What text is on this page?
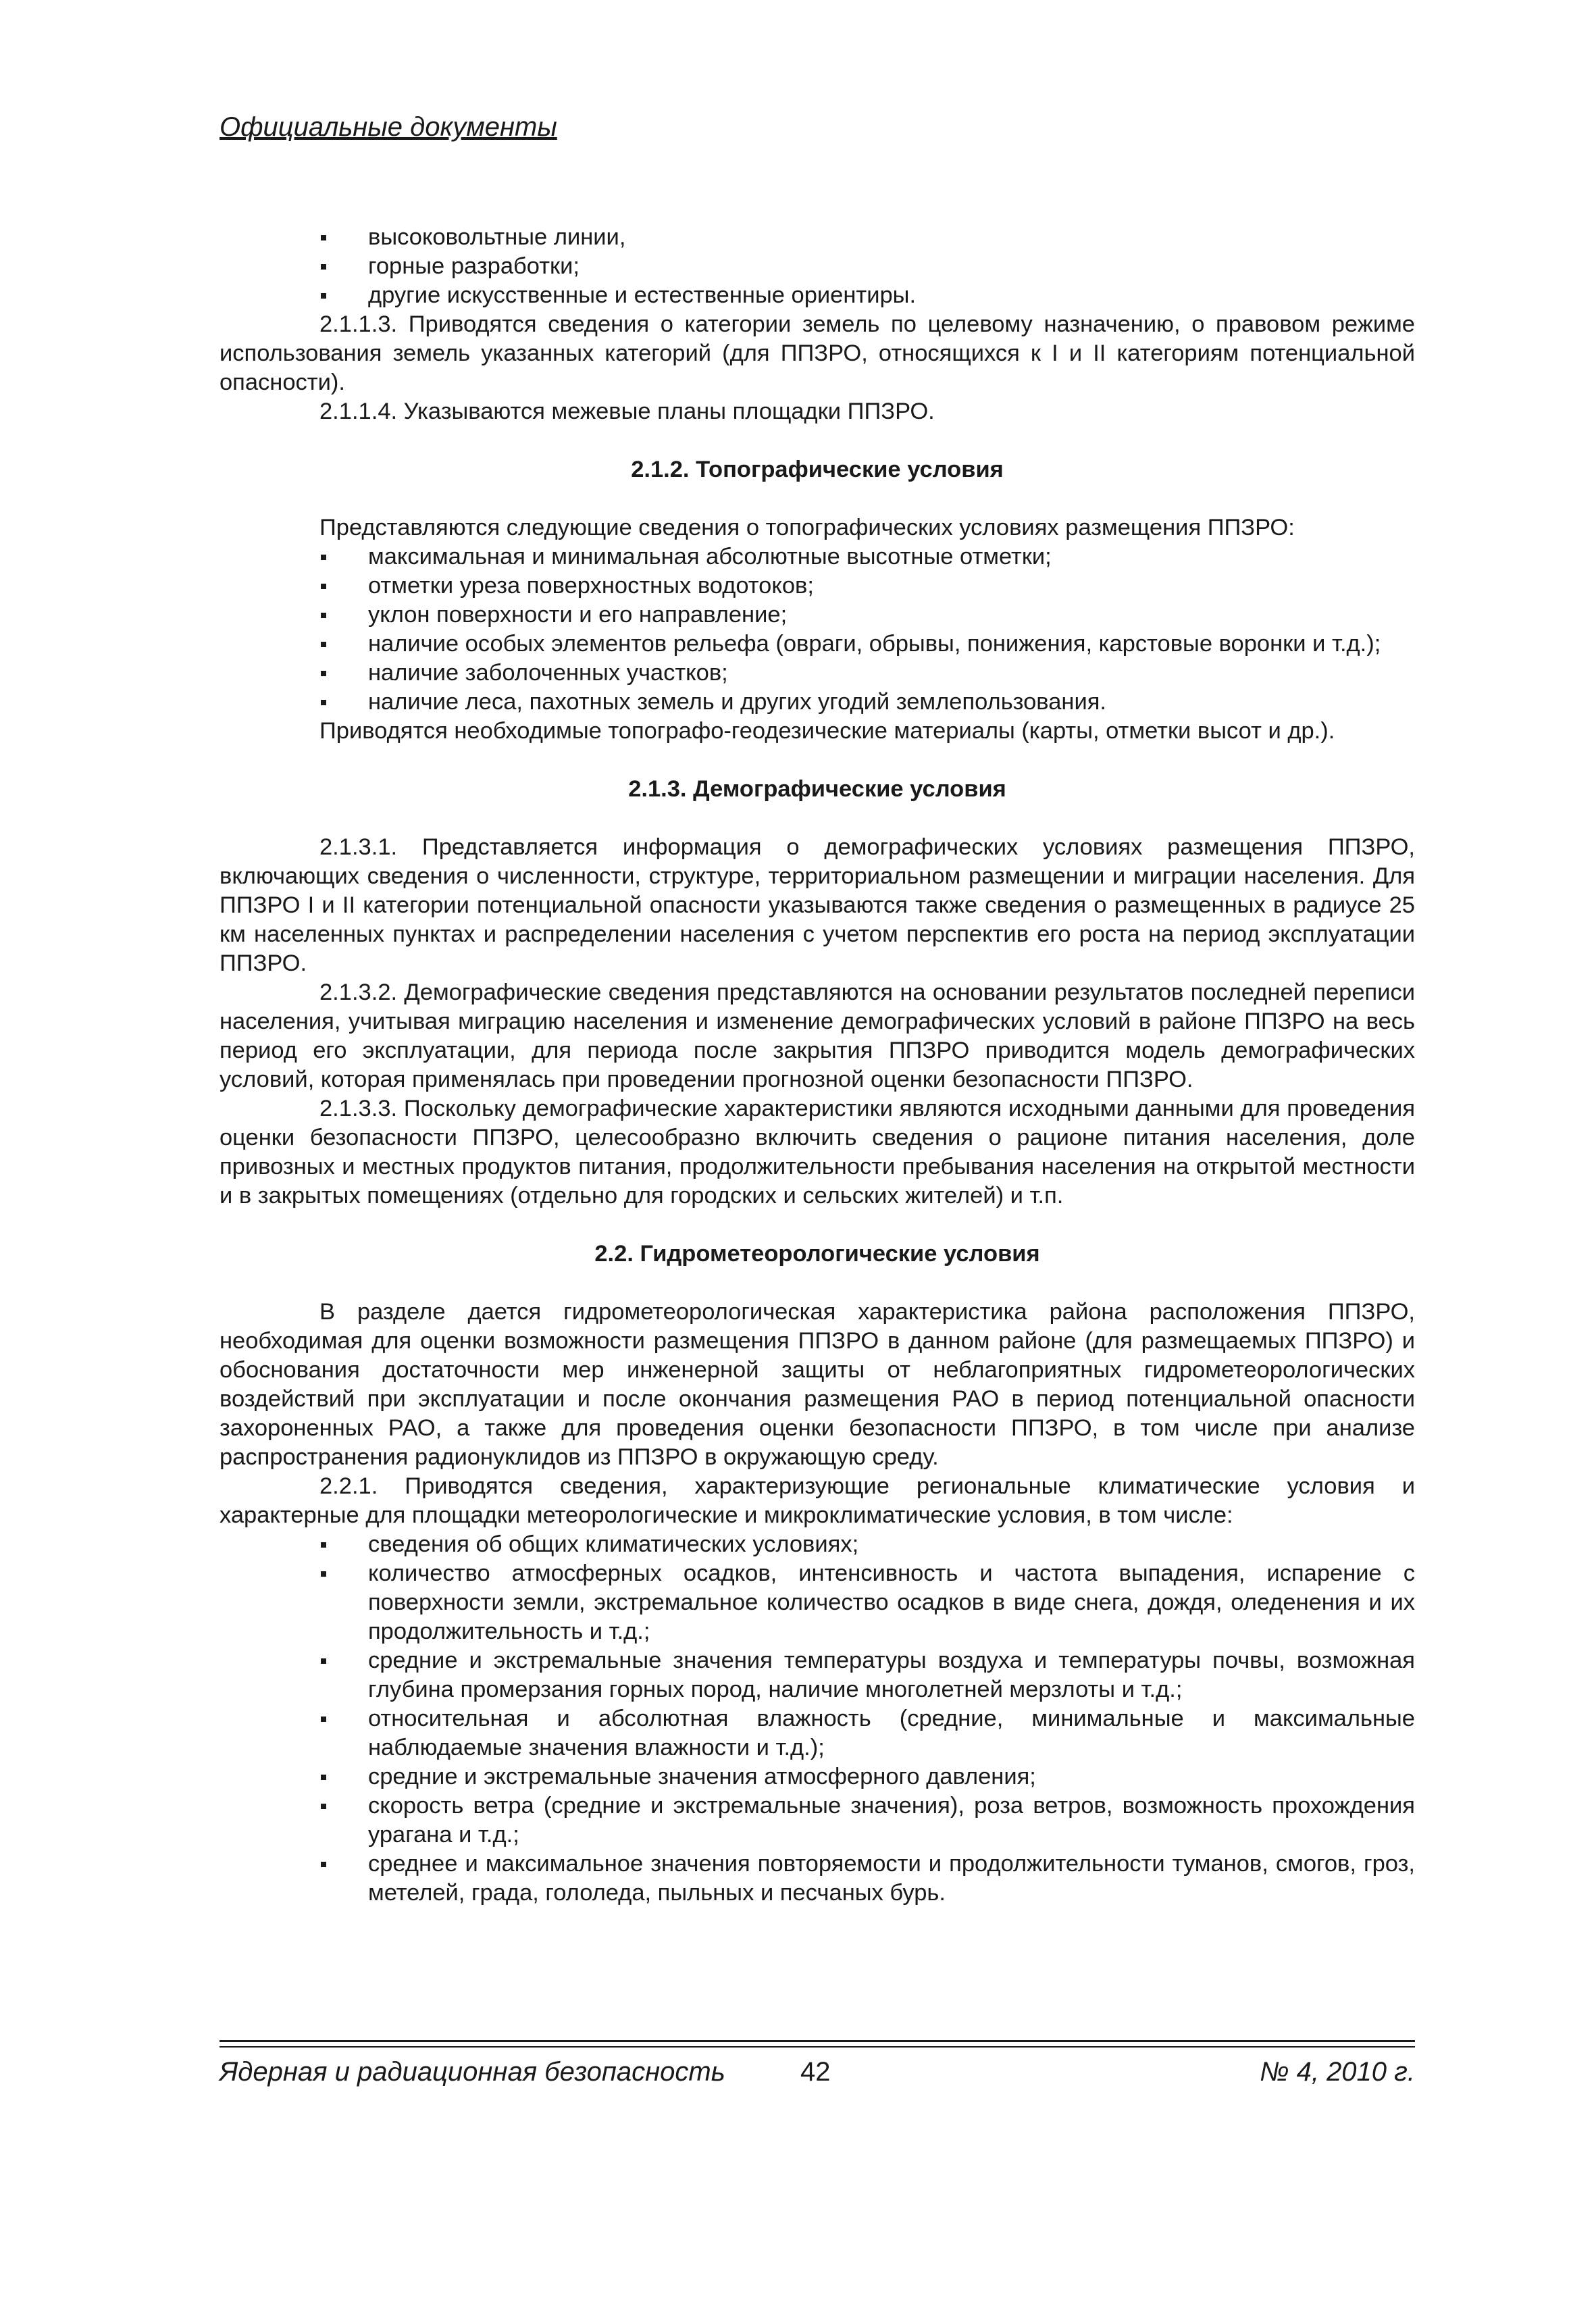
Официальные документы
высоковольтные линии,
горные разработки;
другие искусственные и естественные ориентиры.

2.1.1.3. Приводятся сведения о категории земель по целевому назначению, о правовом режиме использования земель указанных категорий (для ППЗРО, относящихся к I и II категориям потенциальной опасности).

2.1.1.4. Указываются межевые планы площадки ППЗРО.

2.1.2. Топографические условия

Представляются следующие сведения о топографических условиях размещения ППЗРО:

максимальная и минимальная абсолютные высотные отметки;
отметки уреза поверхностных водотоков;
уклон поверхности и его направление;
наличие особых элементов рельефа (овраги, обрывы, понижения, карстовые воронки и т.д.);
наличие заболоченных участков;
наличие леса, пахотных земель и других угодий землепользования.

Приводятся необходимые топографо-геодезические материалы (карты, отметки высот и др.).

2.1.3. Демографические условия

2.1.3.1. Представляется информация о демографических условиях размещения ППЗРО, включающих сведения о численности, структуре, территориальном размещении и миграции населения. Для ППЗРО I и II категории потенциальной опасности указываются также сведения о размещенных в радиусе 25 км населенных пунктах и распределении населения с учетом перспектив его роста на период эксплуатации ППЗРО.

2.1.3.2. Демографические сведения представляются на основании результатов последней переписи населения, учитывая миграцию населения и изменение демографических условий в районе ППЗРО на весь период его эксплуатации, для периода после закрытия ППЗРО приводится модель демографических условий, которая применялась при проведении прогнозной оценки безопасности ППЗРО.

2.1.3.3. Поскольку демографические характеристики являются исходными данными для проведения оценки безопасности ППЗРО, целесообразно включить сведения о рационе питания населения, доле привозных и местных продуктов питания, продолжительности пребывания населения на открытой местности и в закрытых помещениях (отдельно для городских и сельских жителей) и т.п.

2.2. Гидрометеорологические условия

В разделе дается гидрометеорологическая характеристика района расположения ППЗРО, необходимая для оценки возможности размещения ППЗРО в данном районе (для размещаемых ППЗРО) и обоснования достаточности мер инженерной защиты от неблагоприятных гидрометеорологических воздействий при эксплуатации и после окончания размещения РАО в период потенциальной опасности захороненных РАО, а также для проведения оценки безопасности ППЗРО, в том числе при анализе распространения радионуклидов из ППЗРО в окружающую среду.

2.2.1. Приводятся сведения, характеризующие региональные климатические условия и характерные для площадки метеорологические и микроклиматические условия, в том числе:

сведения об общих климатических условиях;
количество атмосферных осадков, интенсивность и частота выпадения, испарение с поверхности земли, экстремальное количество осадков в виде снега, дождя, оледенения и их продолжительность и т.д.;
средние и экстремальные значения температуры воздуха и температуры почвы, возможная глубина промерзания горных пород, наличие многолетней мерзлоты и т.д.;
относительная и абсолютная влажность (средние, минимальные и максимальные наблюдаемые значения влажности и т.д.);
средние и экстремальные значения атмосферного давления;
скорость ветра (средние и экстремальные значения), роза ветров, возможность прохождения урагана и т.д.;
среднее и максимальное значения повторяемости и продолжительности туманов, смогов, гроз, метелей, града, гололеда, пыльных и песчаных бурь.
Ядерная и радиационная безопасность	42	№ 4, 2010 г.
